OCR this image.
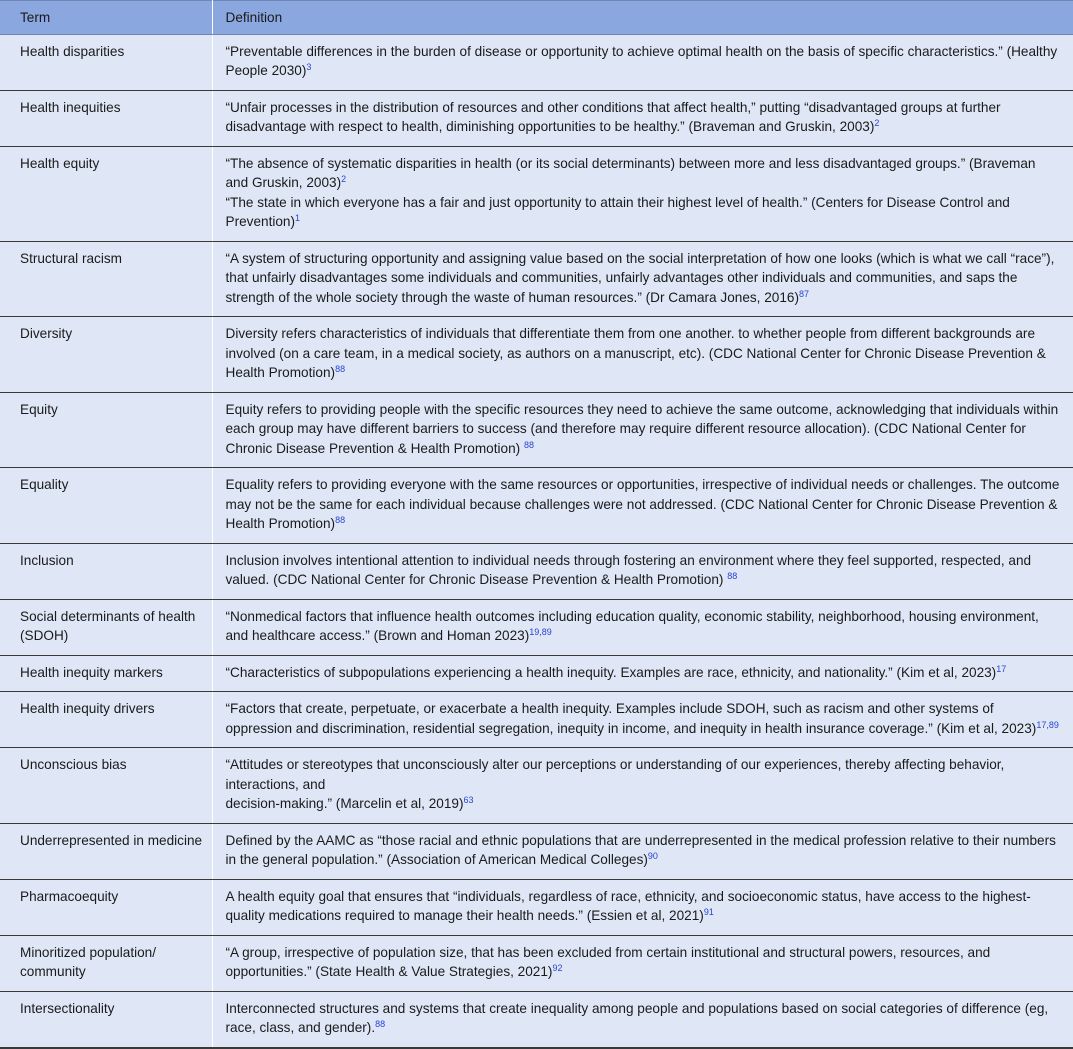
Term	Definition
Health disparities	“Preventable differences in the burden of disease or opportunity to achieve optimal health on the basis of specific characteristics.” (Healthy People 2030)$^3$

Health inequities	“Unfair processes in the distribution of resources and other conditions that affect health,” putting “disadvantaged groups at further disadvantage with respect to health, diminishing opportunities to be healthy.” (Braveman and Gruskin, 2003)$^2$

Health equity	“The absence of systematic disparities in health (or its social determinants) between more and less disadvantaged groups.” (Braveman and Gruskin, 2003)$^2$
“The state in which everyone has a fair and just opportunity to attain their highest level of health.” (Centers for Disease Control and Prevention)$^1$

Structural racism	“A system of structuring opportunity and assigning value based on the social interpretation of how one looks (which is what we call “race”), that unfairly disadvantages some individuals and communities, unfairly advantages other individuals and communities, and saps the strength of the whole society through the waste of human resources.” (Dr Camara Jones, 2016)$^{87}$

Diversity	Diversity refers characteristics of individuals that differentiate them from one another. to whether people from different backgrounds are involved (on a care team, in a medical society, as authors on a manuscript, etc). (CDC National Center for Chronic Disease Prevention & Health Promotion)$^{88}$

Equity	Equity refers to providing people with the specific resources they need to achieve the same outcome, acknowledging that individuals within each group may have different barriers to success (and therefore may require different resource allocation). (CDC National Center for Chronic Disease Prevention & Health Promotion) $^{88}$

Equality	Equality refers to providing everyone with the same resources or opportunities, irrespective of individual needs or challenges. The outcome may not be the same for each individual because challenges were not addressed. (CDC National Center for Chronic Disease Prevention & Health Promotion)$^{88}$

Inclusion	Inclusion involves intentional attention to individual needs through fostering an environment where they feel supported, respected, and valued. (CDC National Center for Chronic Disease Prevention & Health Promotion) $^{88}$

Social determinants of health (SDOH)	“Nonmedical factors that influence health outcomes including education quality, economic stability, neighborhood, housing environment, and healthcare access.” (Brown and Homan 2023)$^{19,89}$

Health inequity markers	“Characteristics of subpopulations experiencing a health inequity. Examples are race, ethnicity, and nationality.” (Kim et al, 2023)$^{17}$

Health inequity drivers	“Factors that create, perpetuate, or exacerbate a health inequity. Examples include SDOH, such as racism and other systems of oppression and discrimination, residential segregation, inequity in income, and inequity in health insurance coverage.” (Kim et al, 2023)$^{17,89}$

Unconscious bias	“Attitudes or stereotypes that unconsciously alter our perceptions or understanding of our experiences, thereby affecting behavior, interactions, and
decision-making.” (Marcelin et al, 2019)$^{63}$

Underrepresented in medicine	Defined by the AAMC as “those racial and ethnic populations that are underrepresented in the medical profession relative to their numbers in the general population.” (Association of American Medical Colleges)$^{90}$

Pharmacoequity	A health equity goal that ensures that “individuals, regardless of race, ethnicity, and socioeconomic status, have access to the highest-quality medications required to manage their health needs.” (Essien et al, 2021)$^{91}$

Minoritized population/ community	“A group, irrespective of population size, that has been excluded from certain institutional and structural powers, resources, and opportunities.” (State Health & Value Strategies, 2021)$^{92}$

Intersectionality	Interconnected structures and systems that create inequality among people and populations based on social categories of difference (eg, race, class, and gender).$^{88}$
